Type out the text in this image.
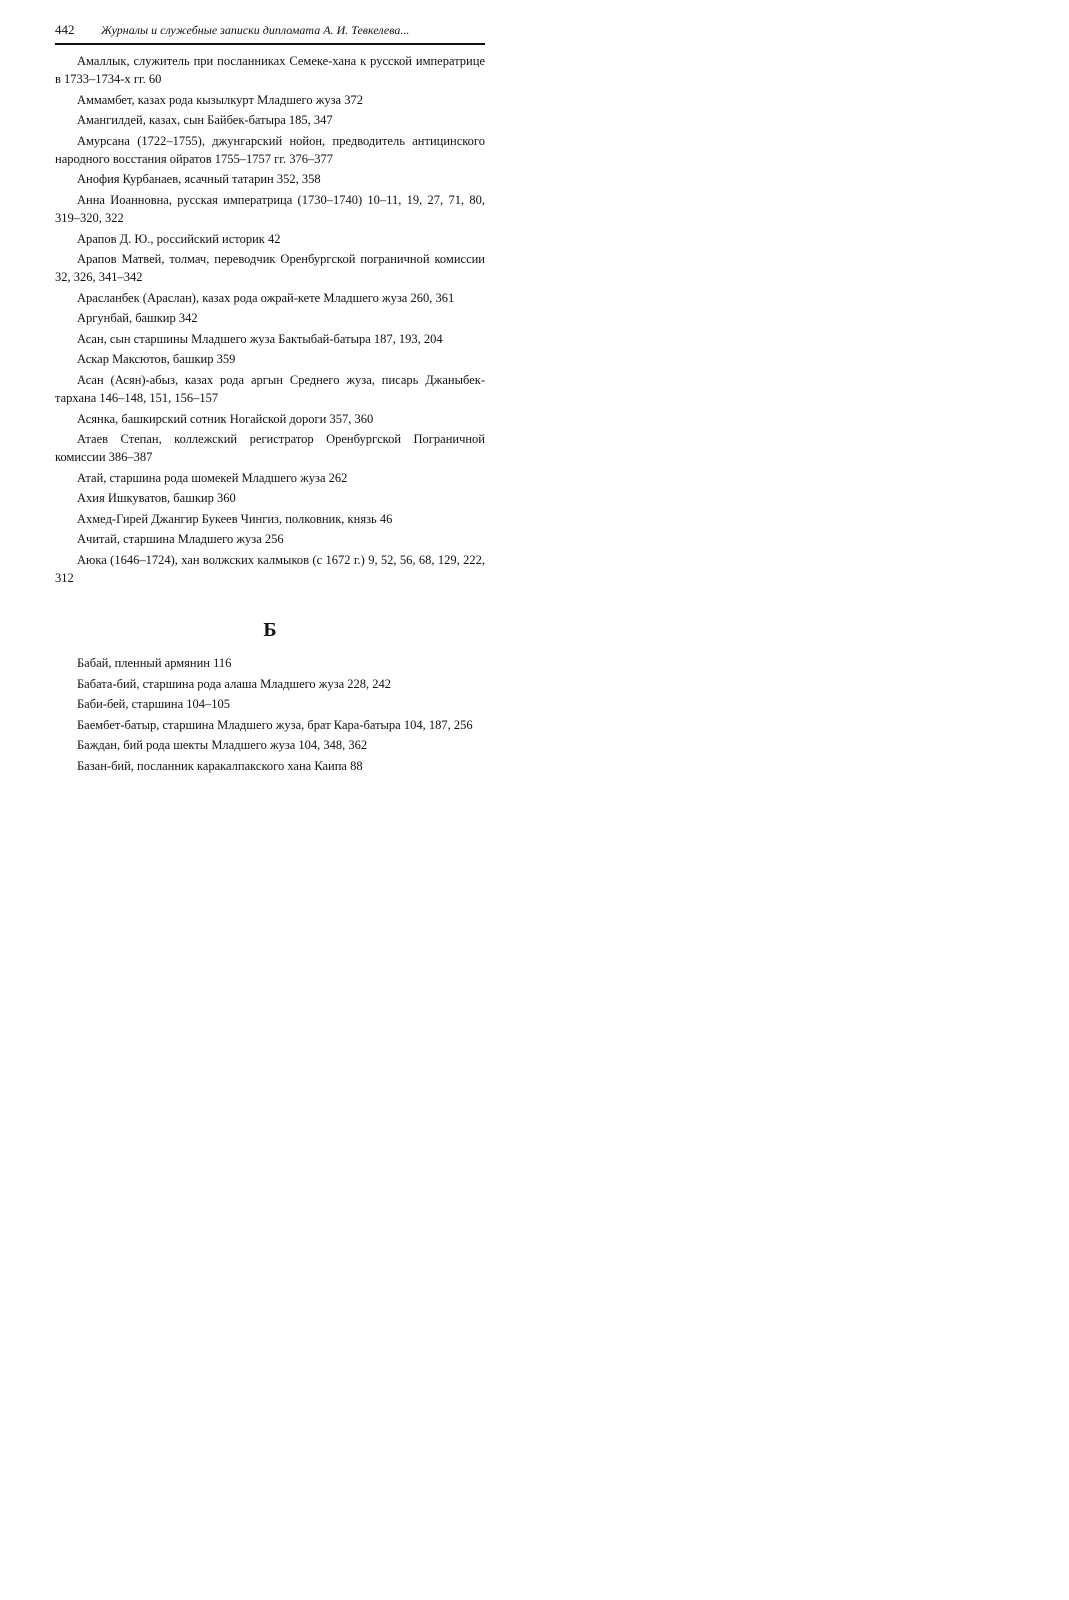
442 Журналы и служебные записки дипломата А. И. Тевкелева...

Амаллык, служитель при посланниках Семеке-хана к русской императрице в 1733–1734-х гг. 60

Аммамбет, казах рода кызылкурт Младшего жуза 372

Амангилдей, казах, сын Байбек-батыра 185, 347

Амурсана (1722–1755), джунгарский нойон, предводитель антицинского народного восстания ойратов 1755–1757 гг. 376–377

Анофия Курбанаев, ясачный татарин 352, 358

Анна Иоанновна, русская императрица (1730–1740) 10–11, 19, 27, 71, 80, 319–320, 322

Арапов Д. Ю., российский историк 42

Арапов Матвей, толмач, переводчик Оренбургской пограничной комиссии 32, 326, 341–342

Арасланбек (Араслан), казах рода ожрай-кете Младшего жуза 260, 361

Аргунбай, башкир 342

Асан, сын старшины Младшего жуза Бактыбай-батыра 187, 193, 204

Аскар Максютов, башкир 359

Асан (Асян)-абыз, казах рода аргын Среднего жуза, писарь Джаныбек-тархана 146–148, 151, 156–157

Асянка, башкирский сотник Ногайской дороги 357, 360

Атаев Степан, коллежский регистратор Оренбургской Пограничной комиссии 386–387

Атай, старшина рода шомекей Младшего жуза 262

Ахия Ишкуватов, башкир 360

Ахмед-Гирей Джангир Букеев Чингиз, полковник, князь 46

Ачитай, старшина Младшего жуза 256

Аюка (1646–1724), хан волжских калмыков (с 1672 г.) 9, 52, 56, 68, 129, 222, 312

Б

Бабай, пленный армянин 116

Бабата-бий, старшина рода алаша Младшего жуза 228, 242

Баби-бей, старшина 104–105

Баембет-батыр, старшина Младшего жуза, брат Кара-батыра 104, 187, 256

Баждан, бий рода шекты Младшего жуза 104, 348, 362

Базан-бий, посланник каракалпакского хана Каипа 88
